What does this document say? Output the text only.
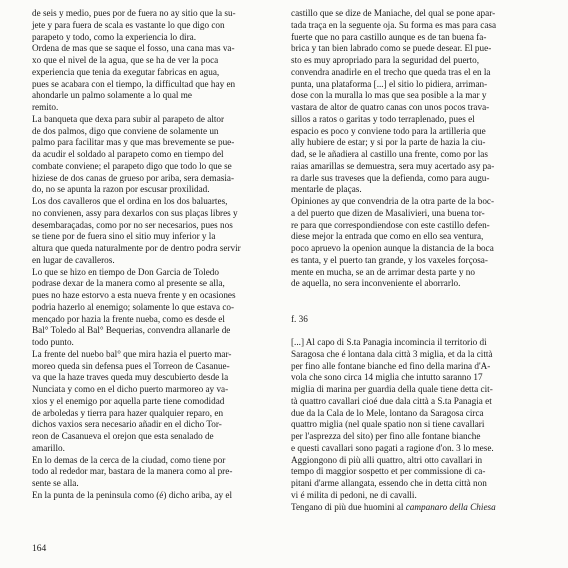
de seis y medio, pues por de fuera no ay sitio que la su-
jete y para fuera de scala es vastante lo que digo con
parapeto y todo, como la experiencia lo dira.
Ordena de mas que se saque el fosso, una cana mas va-
xo que el nivel de la agua, que se ha de ver la poca
experiencia que tenia da exegutar fabricas en agua,
pues se acabara con el tiempo, la difficultad que hay en
ahondarle un palmo solamente a lo qual me
remito.
La banqueta que dexa para subir al parapeto de altor
de dos palmos, digo que conviene de solamente un
palmo para facilitar mas y que mas brevemente se pue-
da acudir el soldado al parapeto como en tiempo del
combate conviene; el parapeto digo que todo lo que se
hiziese de dos canas de grueso por ariba, sera demasia-
do, no se apunta la razon por escusar proxilidad.
Los dos cavalleros que el ordina en los dos baluartes,
no convienen, assy para dexarlos con sus plaças libres y
desembaraçadas, como por no ser necesarios, pues nos
se tiene por de fuera sino el sitio muy inferior y la
altura que queda naturalmente por de dentro podra servir
en lugar de cavalleros.
Lo que se hizo en tiempo de Don Garcia de Toledo
podrase dexar de la manera como al presente se alla,
pues no haze estorvo a esta nueva frente y en ocasiones
podria hazerlo al enemigo; solamente lo que estava co-
menςado por hazia la frente nueba, como es desde el
Bal° Toledo al Bal° Bequerias, convendra allanarle de
todo punto.
La frente del nuebo bal° que mira hazia el puerto mar-
moreo queda sin defensa pues el Torreon de Casanue-
va que la haze traves queda muy descubierto desde la
Nunciata y como en el dicho puerto marmoreo ay va-
xios y el enemigo por aquella parte tiene comodidad
de arboledas y tierra para hazer qualquier reparo, en
dichos vaxios sera necesario añadir en el dicho Tor-
reon de Casanueva el orejon que esta senalado de
amarillo.
En lo demas de la cerca de la ciudad, como tiene por
todo al rededor mar, bastara de la manera como al pre-
sente se alla.
En la punta de la peninsula como (é) dicho ariba, ay el
castillo que se dize de Maniache, del qual se pone apar-
tada traça en la seguente oja. Su forma es mas para casa
fuerte que no para castillo aunque es de tan buena fa-
brica y tan bien labrado como se puede desear. El pue-
sto es muy apropriado para la seguridad del puerto,
convendra anadirle en el trecho que queda tras el en la
punta, una plataforma [...] el sitio lo pidiera, arriman-
dose con la muralla lo mas que sea posible a la mar y
vastara de altor de quatro canas con unos pocos trava-
sillos a ratos o garitas y todo terraplenado, pues el
espacio es poco y conviene todo para la artilleria que
ally hubiere de estar; y si por la parte de hazia la ciu-
dad, se le añadiera al castillo una frente, como por las
raias amarillas se demuestra, sera muy acertado asy pa-
ra darle sus traveses que la defienda, como para augu-
mentarle de plaças.
Opiniones ay que convendria de la otra parte de la boc-
a del puerto que dizen de Masalivieri, una buena tor-
re para que correspondiendose con este castillo defen-
diese mejor la entrada que como en ello sea ventura,
poco apruevo la openion aunque la distancia de la boca
es tanta, y el puerto tan grande, y los vaxeles forçosa-
mente en mucha, se an de arrimar desta parte y no
de aquella, no sera inconveniente el aborrarlo.
f. 36
[...] Al capo di S.ta Panagia incomincia il territorio di
Saragosa che é lontana dala città 3 miglia, et da la città
per fino alle fontane bianche ed fino della marina d'A-
vola che sono circa 14 miglia che intutto saranno 17
miglia di marina per guardia della quale tiene detta cit-
tà quattro cavallari cioé due dala città a S.ta Panagia et
due da la Cala de lo Mele, lontano da Saragosa circa
quattro miglia (nel quale spatio non si tiene cavallari
per l'asprezza del sito) per fino alle fontane bianche
e questi cavallari sono pagati a ragione d'on. 3 lo mese.
Aggiongono di più alli quattro, altri otto cavallari in
tempo di maggior sospetto et per commissione di ca-
pitani d'arme allangata, essendo che in detta città non
vi é milita di pedoni, ne di cavalli.
Tengano di più due huomini al campanaro della Chiesa
164
